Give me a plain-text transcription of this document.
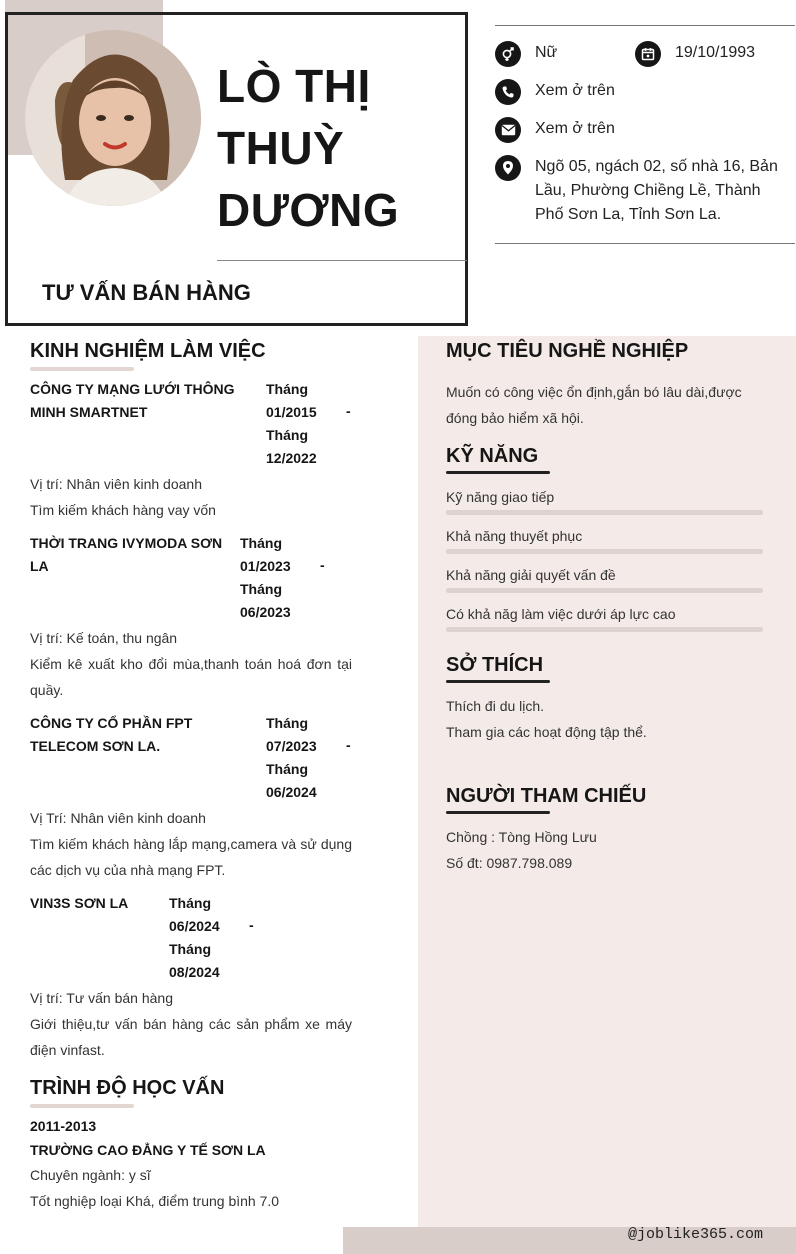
LÒ THỊ
THUỲ
DƯƠNG
TƯ VẤN BÁN HÀNG
Nữ	19/10/1993
Xem ở trên
Xem ở trên
Ngõ 05, ngách 02, số nhà 16, Bản Lầu, Phường Chiềng Lề, Thành Phố Sơn La, Tỉnh Sơn La.
KINH NGHIỆM LÀM VIỆC
CÔNG TY MẠNG LƯỚI THÔNG MINH SMARTNET
Tháng
01/2015
Tháng
12/2022
-
Vị trí: Nhân viên kinh doanh
Tìm kiếm khách hàng vay vốn
THỜI TRANG IVYMODA SƠN LA
Tháng
01/2023
Tháng
06/2023
-
Vị trí: Kế toán, thu ngân
Kiểm kê xuất kho đổi mùa,thanh toán hoá đơn tại quầy.
CÔNG TY CỔ PHẦN FPT TELECOM SƠN LA.
Tháng
07/2023
Tháng
06/2024
-
Vị Trí: Nhân viên kinh doanh
Tìm kiếm khách hàng lắp mạng,camera và sử dụng các dịch vụ của nhà mạng FPT.
VIN3S SƠN LA	Tháng
06/2024
Tháng
08/2024
-
Vị trí: Tư vấn bán hàng
Giới thiệu,tư vấn bán hàng các sản phẩm xe máy điện vinfast.
TRÌNH ĐỘ HỌC VẤN
2011-2013
TRƯỜNG CAO ĐẲNG Y TẾ SƠN LA
Chuyên ngành: y sĩ
Tốt nghiệp loại Khá, điểm trung bình 7.0
MỤC TIÊU NGHỀ NGHIỆP
Muốn có công việc ổn định,gắn bó lâu dài,được đóng bảo hiểm xã hội.
KỸ NĂNG
Kỹ năng giao tiếp
Khả năng thuyết phục
Khả năng giải quyết vấn đề
Có khả năg làm việc dưới áp lực cao
SỞ THÍCH
Thích đi du lịch.
Tham gia các hoạt động tập thể.
NGƯỜI THAM CHIẾU
Chồng : Tòng Hồng Lưu
Số đt: 0987.798.089
@joblike365.com
